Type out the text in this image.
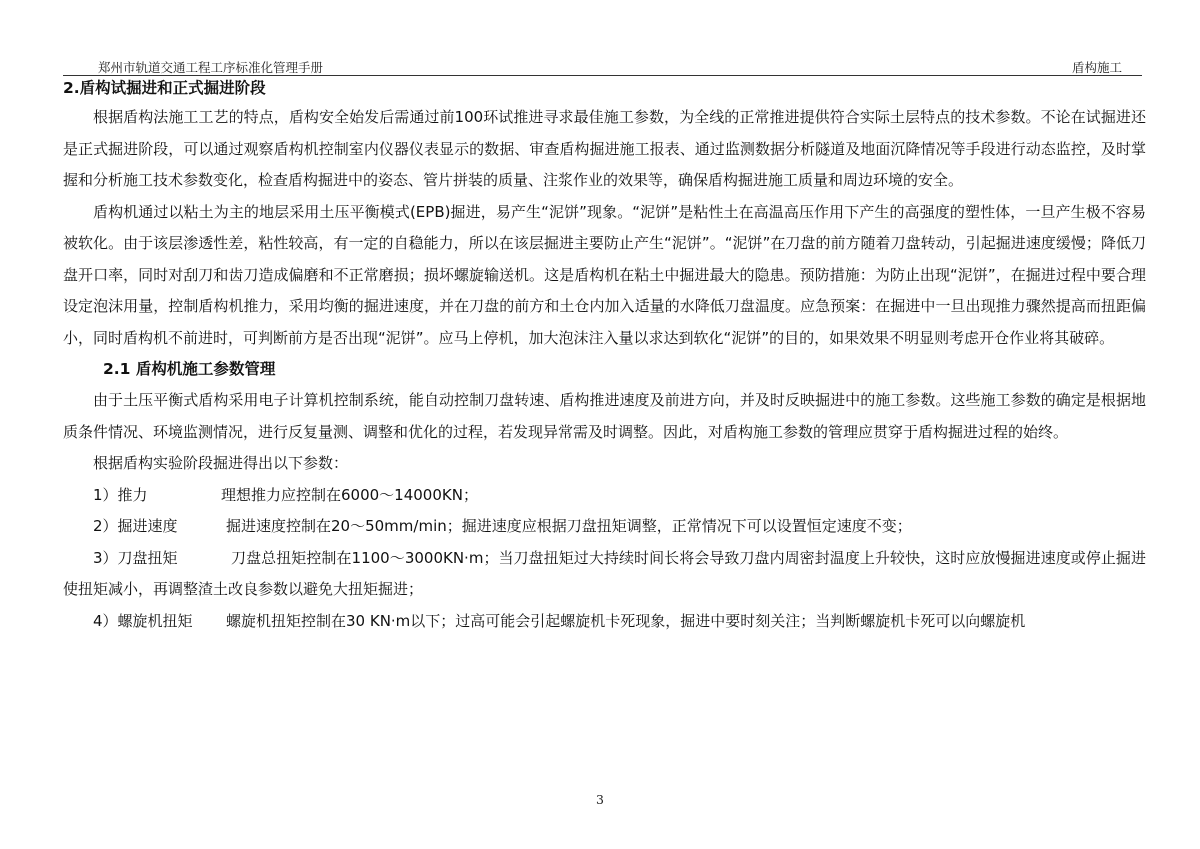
郑州市轨道交通工程工序标准化管理手册	盾构施工

2.盾构试掘进和正式掘进阶段

根据盾构法施工工艺的特点，盾构安全始发后需通过前100环试推进寻求最佳施工参数，为全线的正常推进提供符合实际土层特点的技术参数。不论在试掘进还是正式掘进阶段，可以通过观察盾构机控制室内仪器仪表显示的数据、审查盾构掘进施工报表、通过监测数据分析隧道及地面沉降情况等手段进行动态监控，及时掌握和分析施工技术参数变化，检查盾构掘进中的姿态、管片拼装的质量、注浆作业的效果等，确保盾构掘进施工质量和周边环境的安全。

盾构机通过以粘土为主的地层采用土压平衡模式(EPB)掘进，易产生“泥饼”现象。“泥饼”是粘性土在高温高压作用下产生的高强度的塑性体，一旦产生极不容易被软化。由于该层渗透性差，粘性较高，有一定的自稳能力，所以在该层掘进主要防止产生“泥饼”。“泥饼”在刀盘的前方随着刀盘转动，引起掘进速度缓慢；降低刀盘开口率，同时对刮刀和齿刀造成偏磨和不正常磨损；损坏螺旋输送机。这是盾构机在粘土中掘进最大的隐患。预防措施：为防止出现“泥饼”，在掘进过程中要合理设定泡沫用量，控制盾构机推力，采用均衡的掘进速度，并在刀盘的前方和土仓内加入适量的水降低刀盘温度。应急预案：在掘进中一旦出现推力骤然提高而扭距偏小，同时盾构机不前进时，可判断前方是否出现“泥饼”。应马上停机，加大泡沫注入量以求达到软化“泥饼”的目的，如果效果不明显则考虑开仓作业将其破碎。

2.1 盾构机施工参数管理

由于土压平衡式盾构采用电子计算机控制系统，能自动控制刀盘转速、盾构推进速度及前进方向，并及时反映掘进中的施工参数。这些施工参数的确定是根据地质条件情况、环境监测情况，进行反复量测、调整和优化的过程，若发现异常需及时调整。因此，对盾构施工参数的管理应贯穿于盾构掘进过程的始终。

根据盾构实验阶段掘进得出以下参数：

1）推力	理想推力应控制在6000～14000KN；

2）掘进速度	掘进速度控制在20～50mm/min；掘进速度应根据刀盘扭矩调整，正常情况下可以设置恒定速度不变；

3）刀盘扭矩	刀盘总扭矩控制在1100～3000KN·m；当刀盘扭矩过大持续时间长将会导致刀盘内周密封温度上升较快，这时应放慢掘进速度或停止掘进使扭矩减小，再调整渣土改良参数以避免大扭矩掘进；

4）螺旋机扭矩 螺旋机扭矩控制在30 KN·m以下；过高可能会引起螺旋机卡死现象，掘进中要时刻关注；当判断螺旋机卡死可以向螺旋机

3
